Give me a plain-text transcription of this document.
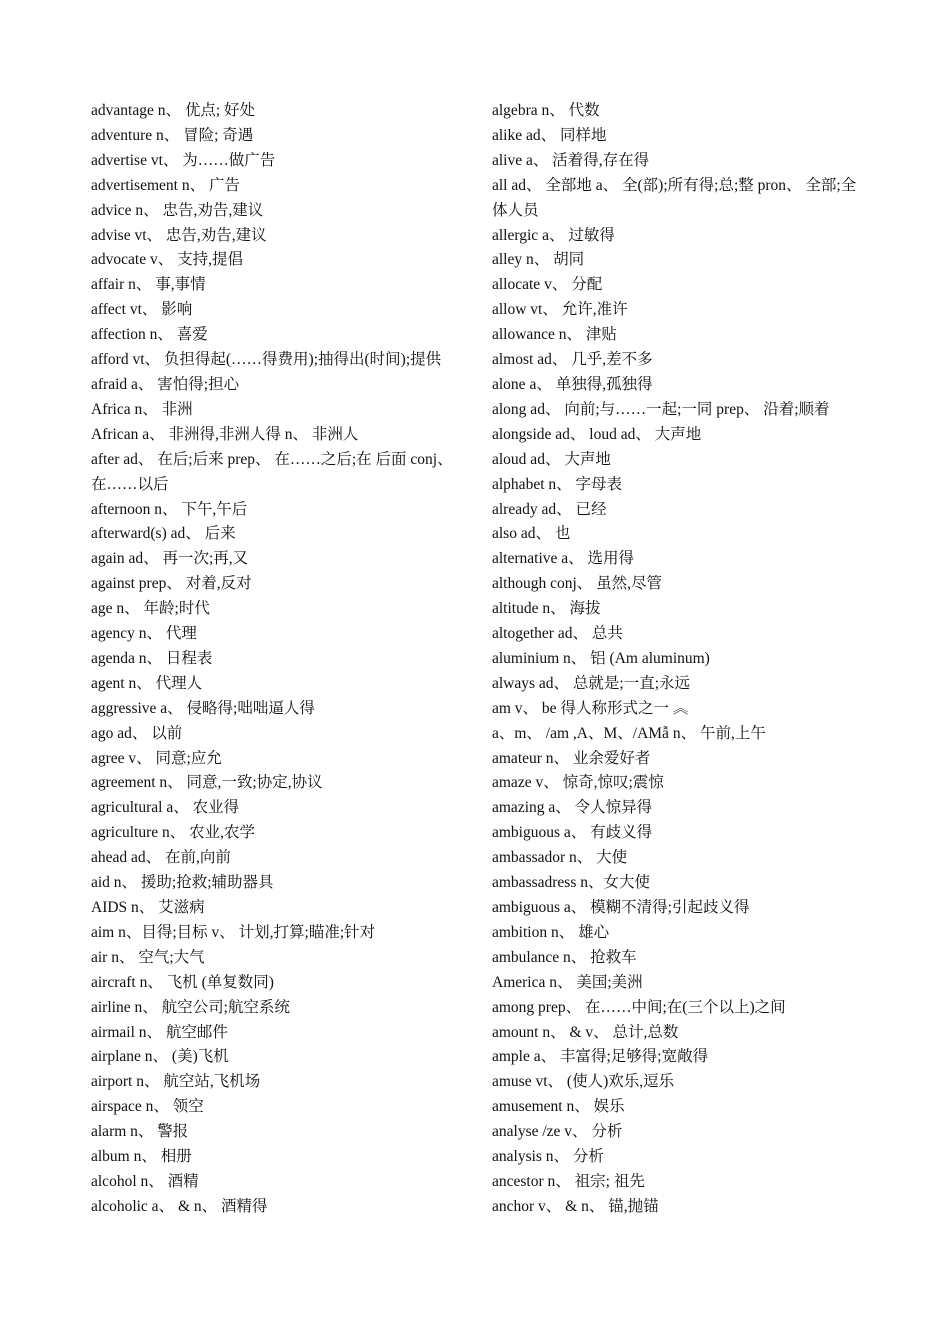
advantage n、 优点; 好处

adventure n、 冒险; 奇遇

advertise vt、 为……做广告

advertisement n、 广告

advice n、 忠告,劝告,建议

advise vt、 忠告,劝告,建议

advocate v、 支持,提倡

affair n、 事,事情

affect vt、 影响

affection n、 喜爱

afford vt、 负担得起(……得费用);抽得出(时间);提供

afraid a、 害怕得;担心

Africa n、 非洲

African a、 非洲得,非洲人得 n、 非洲人

after ad、 在后;后来 prep、 在……之后;在 后面 conj、 在……以后

afternoon n、 下午,午后

afterward(s) ad、 后来

again ad、 再一次;再,又

against prep、 对着,反对

age n、 年龄;时代

agency n、 代理

agenda n、 日程表

agent n、 代理人

aggressive a、 侵略得;咄咄逼人得

ago ad、 以前

agree v、 同意;应允

agreement n、 同意,一致;协定,协议

agricultural a、 农业得

agriculture n、 农业,农学

ahead ad、 在前,向前

aid n、 援助;抢救;辅助器具

AIDS n、 艾滋病

aim n、目得;目标 v、 计划,打算;瞄准;针对

air n、 空气;大气

aircraft n、 飞机 (单复数同)

airline n、 航空公司;航空系统

airmail n、 航空邮件

airplane n、 (美)飞机

airport n、 航空站,飞机场

airspace n、 领空

alarm n、 警报

album n、 相册

alcohol n、 酒精

alcoholic a、 & n、 酒精得

algebra n、 代数

alike ad、 同样地

alive a、 活着得,存在得

all ad、 全部地 a、 全(部);所有得;总;整 pron、 全部;全体人员

allergic a、 过敏得

alley n、 胡同

allocate v、 分配

allow vt、 允许,准许

allowance n、 津贴

almost ad、 几乎,差不多

alone a、 单独得,孤独得

along ad、 向前;与……一起;一同 prep、 沿着;顺着

alongside ad、 loud ad、 大声地

aloud ad、 大声地

alphabet n、 字母表

already ad、 已经

also ad、 也

alternative a、 选用得

although conj、 虽然,尽管

altitude n、 海拔

altogether ad、 总共

aluminium n、 铝 (Am aluminum)

always ad、 总就是;一直;永远

am v、 be 得人称形式之一 ︽

a、m、 /am ,A、M、/AMẫ n、 午前,上午

amateur n、 业余爱好者

amaze v、 惊奇,惊叹;震惊

amazing a、 令人惊异得

ambiguous a、 有歧义得

ambassador n、 大使

ambassadress n、女大使

ambiguous a、 模糊不清得;引起歧义得

ambition n、 雄心

ambulance n、 抢救车

America n、 美国;美洲

among prep、 在……中间;在(三个以上)之间

amount n、 & v、 总计,总数

ample a、 丰富得;足够得;宽敞得

amuse vt、 (使人)欢乐,逗乐

amusement n、 娱乐

analyse /ze v、 分析

analysis n、 分析

ancestor n、 祖宗; 祖先

anchor v、 & n、 锚,抛锚
